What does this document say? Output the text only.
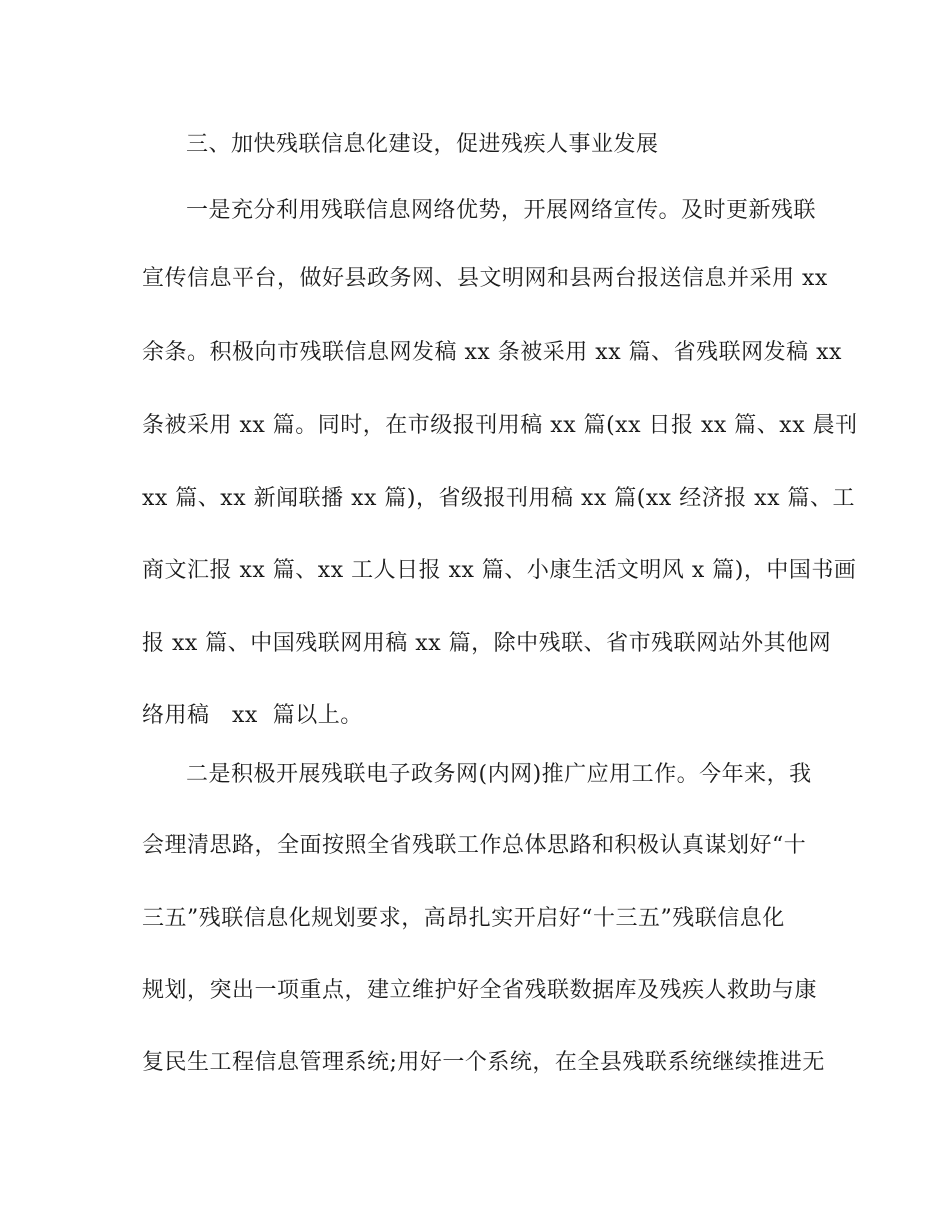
三、加快残联信息化建设，促进残疾人事业发展
一是充分利用残联信息网络优势，开展网络宣传。及时更新残联
宣传信息平台，做好县政务网、县文明网和县两台报送信息并采用 xx
余条。积极向市残联信息网发稿 xx 条被采用 xx 篇、省残联网发稿 xx
条被采用 xx 篇。同时，在市级报刊用稿 xx 篇(xx 日报 xx 篇、xx 晨刊
xx 篇、xx 新闻联播 xx 篇)，省级报刊用稿 xx 篇(xx 经济报 xx 篇、工
商文汇报 xx 篇、xx 工人日报 xx 篇、小康生活文明风 x 篇)，中国书画
报 xx 篇、中国残联网用稿 xx 篇，除中残联、省市残联网站外其他网
络用稿   xx  篇以上。
二是积极开展残联电子政务网(内网)推广应用工作。今年来，我
会理清思路，全面按照全省残联工作总体思路和积极认真谋划好“十
三五”残联信息化规划要求，高昂扎实开启好“十三五”残联信息化
规划，突出一项重点，建立维护好全省残联数据库及残疾人救助与康
复民生工程信息管理系统;用好一个系统，在全县残联系统继续推进无
